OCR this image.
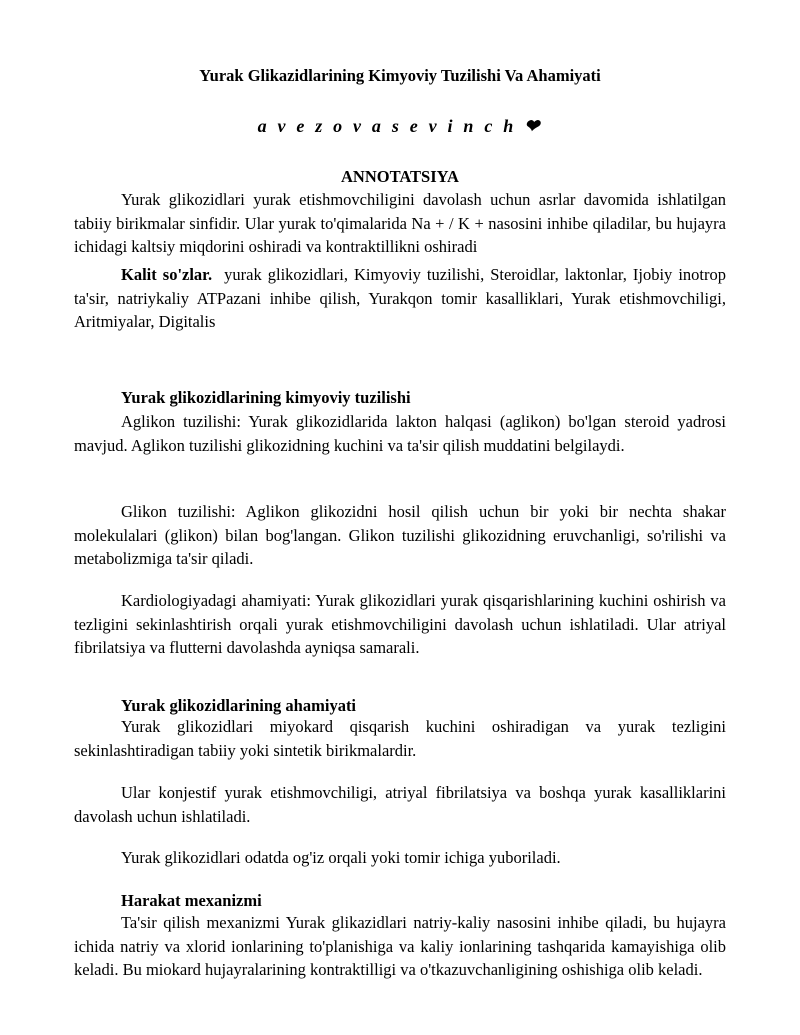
Yurak Glikazidlarining Kimyoviy Tuzilishi Va Ahamiyati
a v e z o v a s e v i n c h ❤
ANNOTATSIYA

Yurak glikozidlari yurak etishmovchiligini davolash uchun asrlar davomida ishlatilgan tabiiy birikmalar sinfidir. Ular yurak to'qimalarida Na + / K + nasosini inhibe qiladilar, bu hujayra ichidagi kaltsiy miqdorini oshiradi va kontraktillikni oshiradi

Kalit so'zlar. yurak glikozidlari, Kimyoviy tuzilishi, Steroidlar, laktonlar, Ijobiy inotrop ta'sir, natriykaliy ATPazani inhibe qilish, Yurakqon tomir kasalliklari, Yurak etishmovchiligi, Aritmiyalar, Digitalis

Yurak glikozidlarining kimyoviy tuzilishi

Aglikon tuzilishi: Yurak glikozidlarida lakton halqasi (aglikon) bo'lgan steroid yadrosi mavjud. Aglikon tuzilishi glikozidning kuchini va ta'sir qilish muddatini belgilaydi.

Glikon tuzilishi: Aglikon glikozidni hosil qilish uchun bir yoki bir nechta shakar molekulalari (glikon) bilan bog'langan. Glikon tuzilishi glikozidning eruvchanligi, so'rilishi va metabolizmiga ta'sir qiladi.

Kardiologiyadagi ahamiyati: Yurak glikozidlari yurak qisqarishlarining kuchini oshirish va tezligini sekinlashtirish orqali yurak etishmovchiligini davolash uchun ishlatiladi. Ular atriyal fibrilatsiya va flutterni davolashda ayniqsa samarali.

Yurak glikozidlarining ahamiyati

Yurak glikozidlari miyokard qisqarish kuchini oshiradigan va yurak tezligini sekinlashtiradigan tabiiy yoki sintetik birikmalardir.

Ular konjestif yurak etishmovchiligi, atriyal fibrilatsiya va boshqa yurak kasalliklarini davolash uchun ishlatiladi.

Yurak glikozidlari odatda og'iz orqali yoki tomir ichiga yuboriladi.

Harakat mexanizmi

Ta'sir qilish mexanizmi Yurak glikazidlari natriy-kaliy nasosini inhibe qiladi, bu hujayra ichida natriy va xlorid ionlarining to'planishiga va kaliy ionlarining tashqarida kamayishiga olib keladi. Bu miokard hujayralarining kontraktilligi va o'tkazuvchanligining oshishiga olib keladi.
